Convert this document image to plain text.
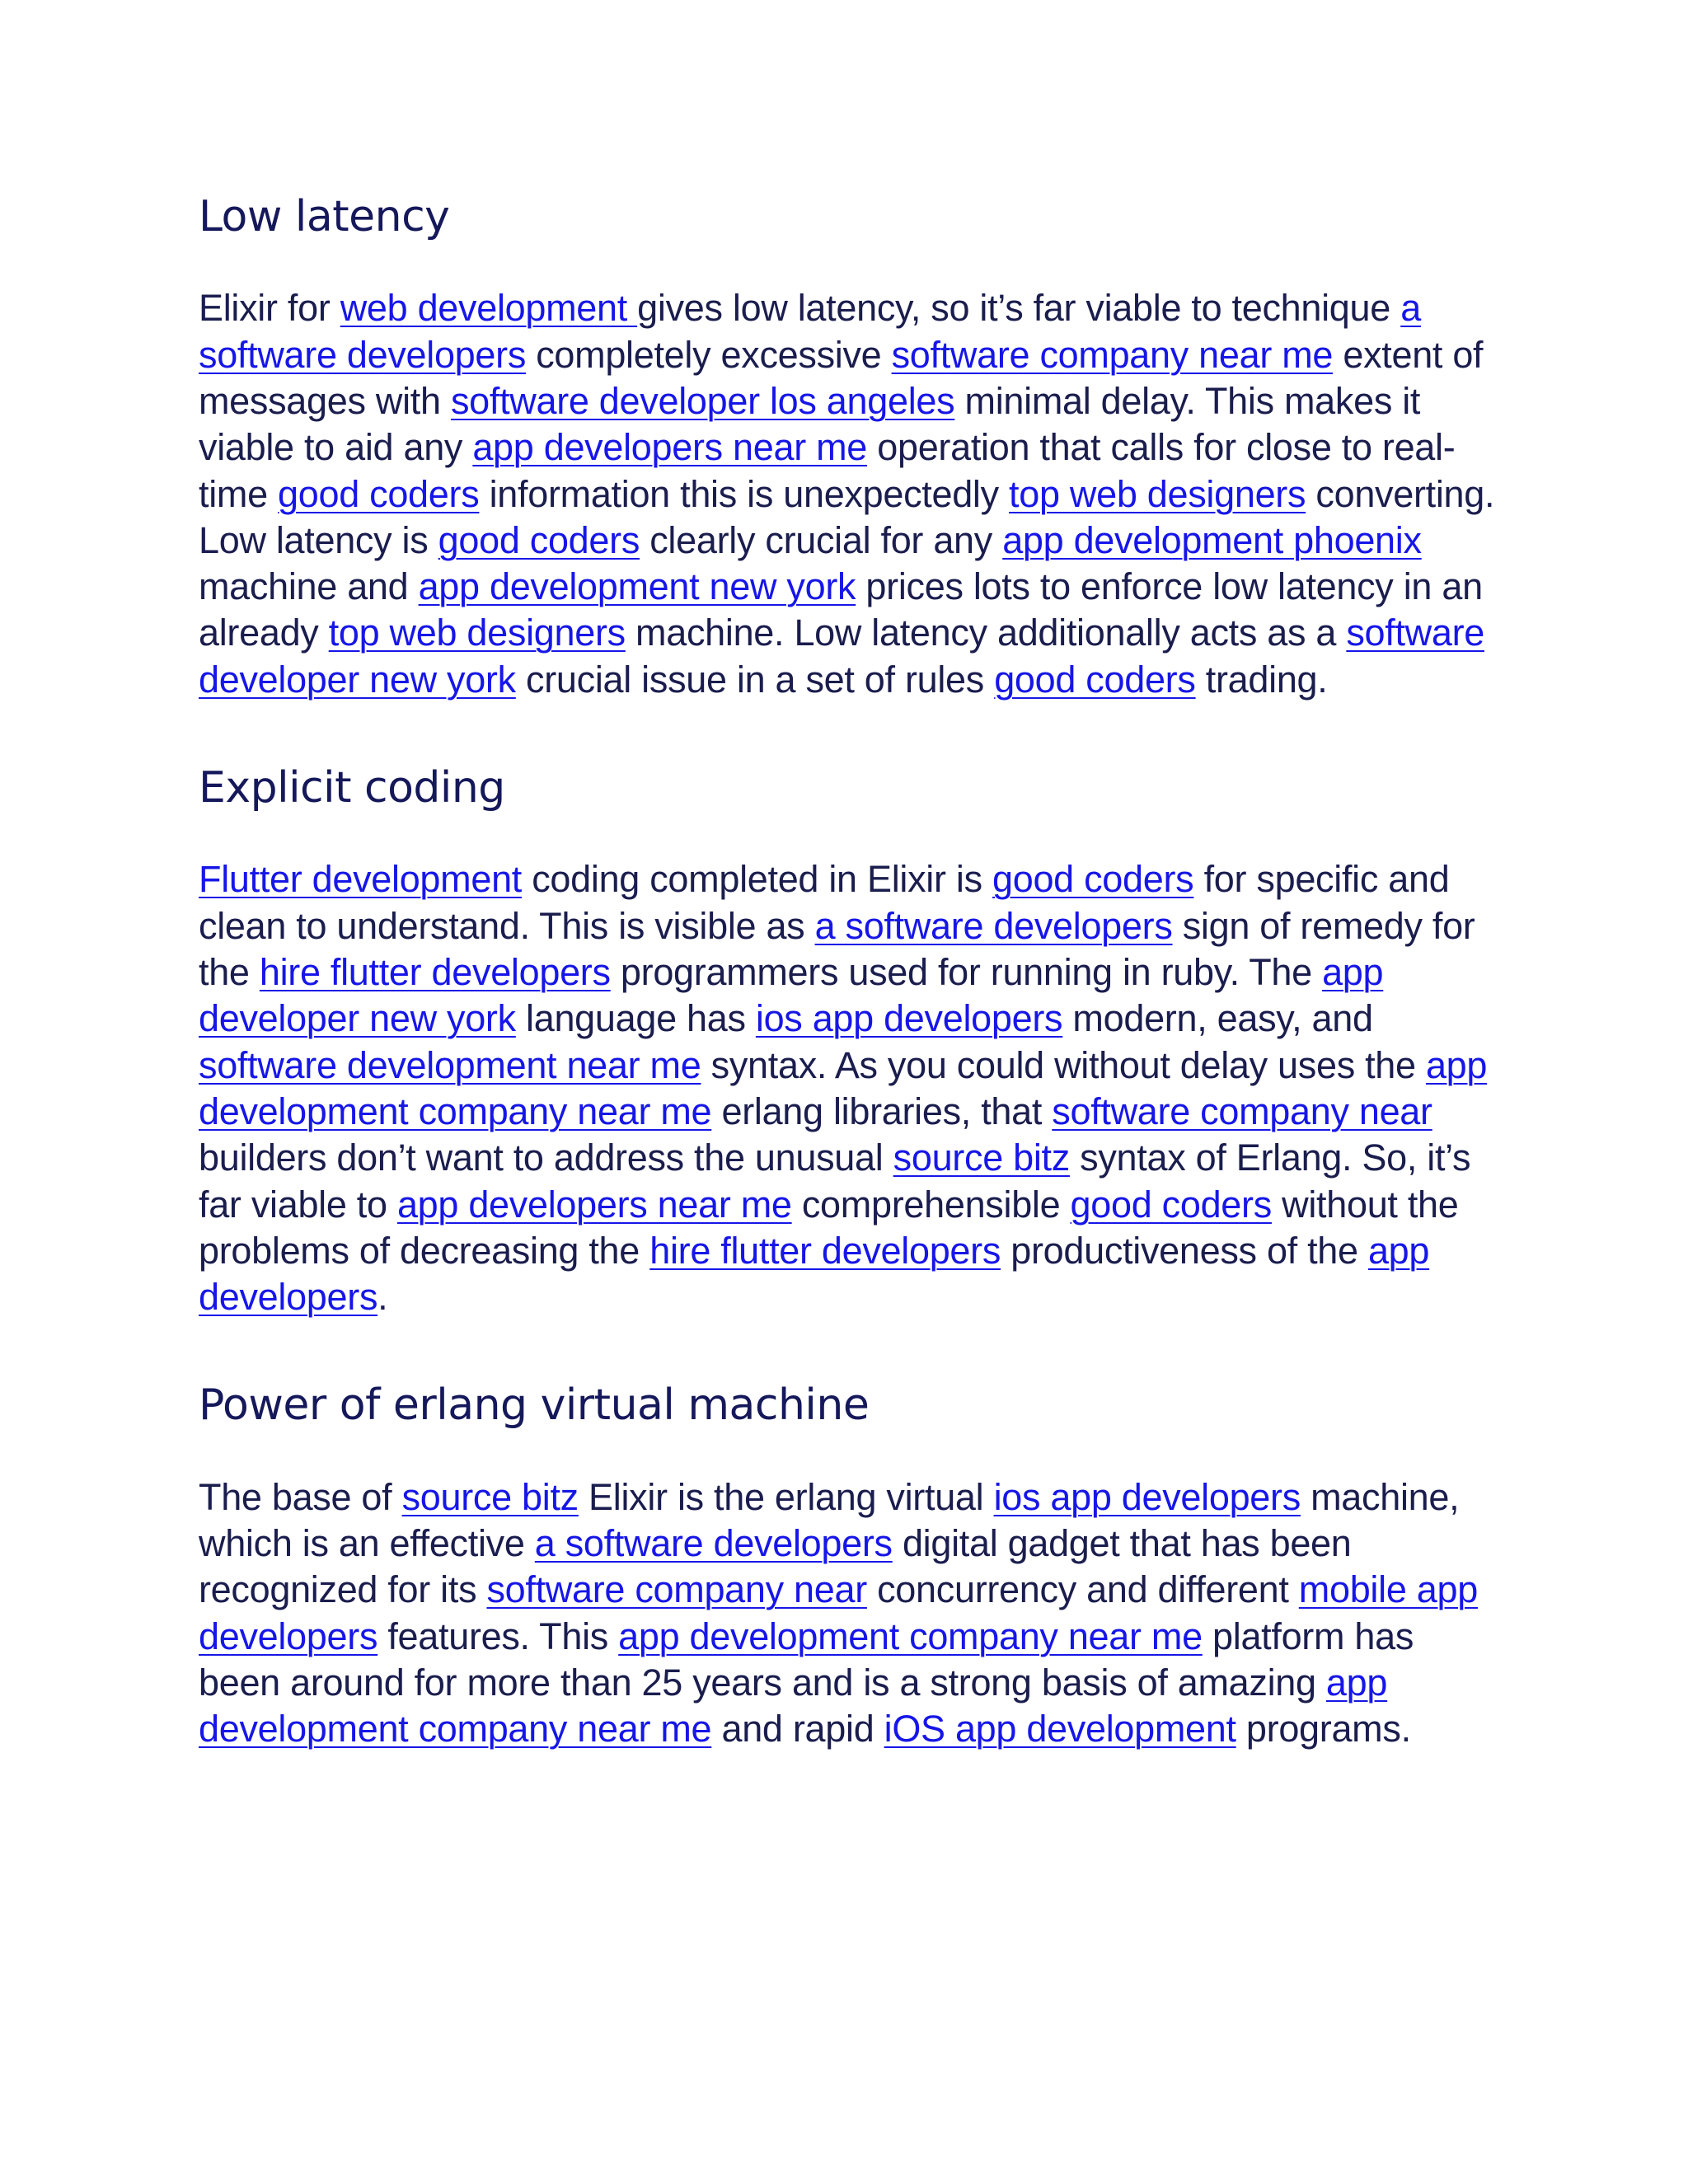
Low latency

Elixir for web development gives low latency, so it’s far viable to technique a software developers completely excessive software company near me extent of messages with software developer los angeles minimal delay. This makes it viable to aid any app developers near me operation that calls for close to real-time good coders information this is unexpectedly top web designers converting. Low latency is good coders clearly crucial for any app development phoenix machine and app development new york prices lots to enforce low latency in an already top web designers machine. Low latency additionally acts as a software developer new york crucial issue in a set of rules good coders trading.

Explicit coding

Flutter development coding completed in Elixir is good coders for specific and clean to understand. This is visible as a software developers sign of remedy for the hire flutter developers programmers used for running in ruby. The app developer new york language has ios app developers modern, easy, and software development near me syntax. As you could without delay uses the app development company near me erlang libraries, that software company near builders don’t want to address the unusual source bitz syntax of Erlang. So, it’s far viable to app developers near me comprehensible good coders without the problems of decreasing the hire flutter developers productiveness of the app developers.

Power of erlang virtual machine

The base of source bitz Elixir is the erlang virtual ios app developers machine, which is an effective a software developers digital gadget that has been recognized for its software company near concurrency and different mobile app developers features. This app development company near me platform has been around for more than 25 years and is a strong basis of amazing app development company near me and rapid iOS app development programs.
